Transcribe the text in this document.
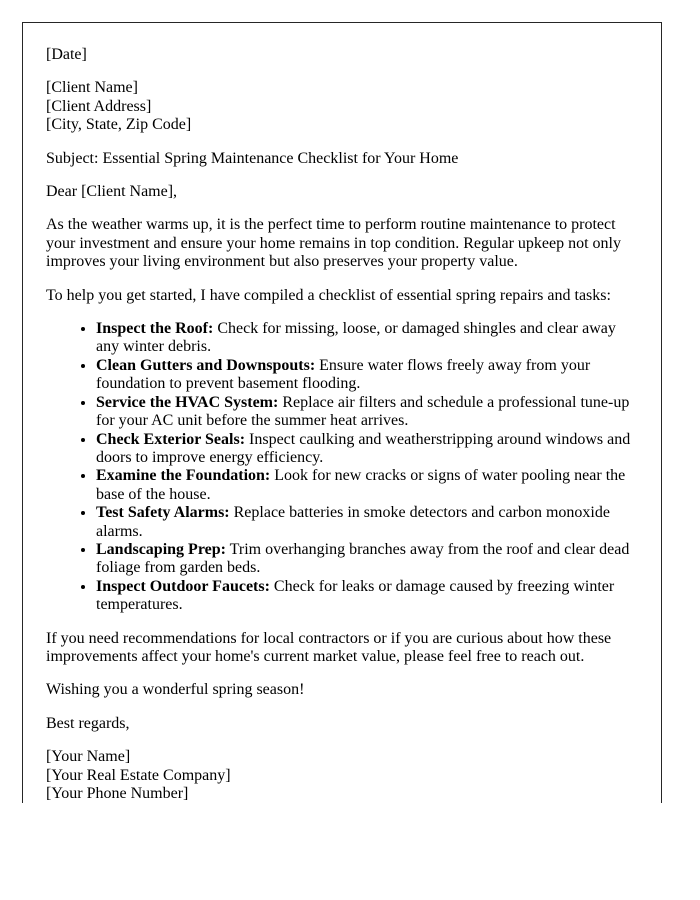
[Date]

[Client Name]
[Client Address]
[City, State, Zip Code]

Subject: Essential Spring Maintenance Checklist for Your Home

Dear [Client Name],

As the weather warms up, it is the perfect time to perform routine maintenance to protect your investment and ensure your home remains in top condition. Regular upkeep not only improves your living environment but also preserves your property value.

To help you get started, I have compiled a checklist of essential spring repairs and tasks:

• Inspect the Roof: Check for missing, loose, or damaged shingles and clear away any winter debris.
• Clean Gutters and Downspouts: Ensure water flows freely away from your foundation to prevent basement flooding.
• Service the HVAC System: Replace air filters and schedule a professional tune-up for your AC unit before the summer heat arrives.
• Check Exterior Seals: Inspect caulking and weatherstripping around windows and doors to improve energy efficiency.
• Examine the Foundation: Look for new cracks or signs of water pooling near the base of the house.
• Test Safety Alarms: Replace batteries in smoke detectors and carbon monoxide alarms.
• Landscaping Prep: Trim overhanging branches away from the roof and clear dead foliage from garden beds.
• Inspect Outdoor Faucets: Check for leaks or damage caused by freezing winter temperatures.

If you need recommendations for local contractors or if you are curious about how these improvements affect your home's current market value, please feel free to reach out.

Wishing you a wonderful spring season!

Best regards,

[Your Name]
[Your Real Estate Company]
[Your Phone Number]
